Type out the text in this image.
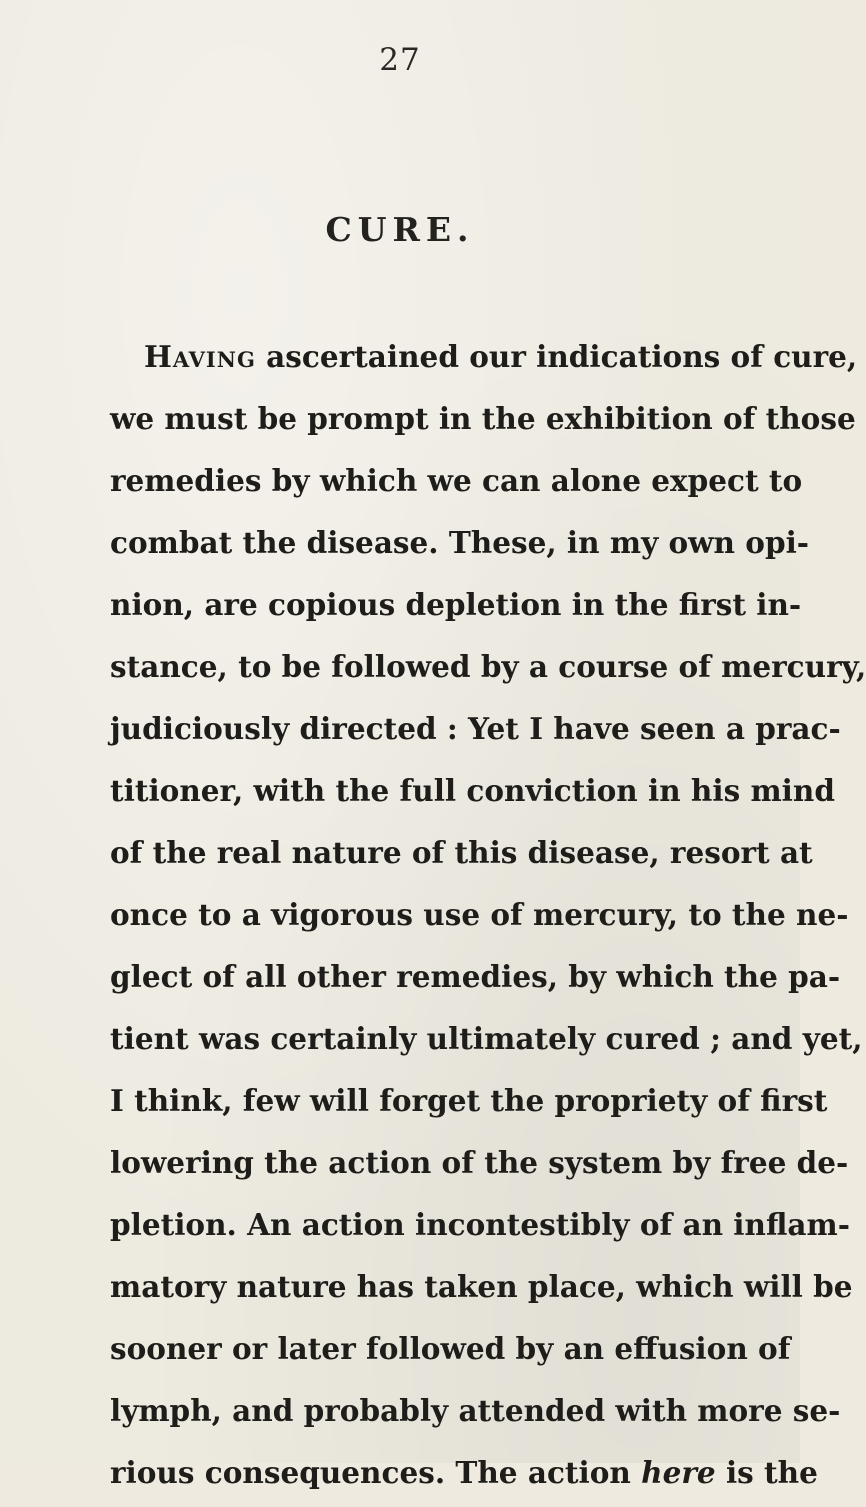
27
CURE.
Having ascertained our indications of cure,
we must be prompt in the exhibition of those
remedies by which we can alone expect to
combat the disease. These, in my own opi-
nion, are copious depletion in the first in-
stance, to be followed by a course of mercury,
judiciously directed : Yet I have seen a prac-
titioner, with the full conviction in his mind
of the real nature of this disease, resort at
once to a vigorous use of mercury, to the ne-
glect of all other remedies, by which the pa-
tient was certainly ultimately cured ; and yet,
I think, few will forget the propriety of first
lowering the action of the system by free de-
pletion. An action incontestibly of an inflam-
matory nature has taken place, which will be
sooner or later followed by an effusion of
lymph, and probably attended with more se-
rious consequences. The action here is the
